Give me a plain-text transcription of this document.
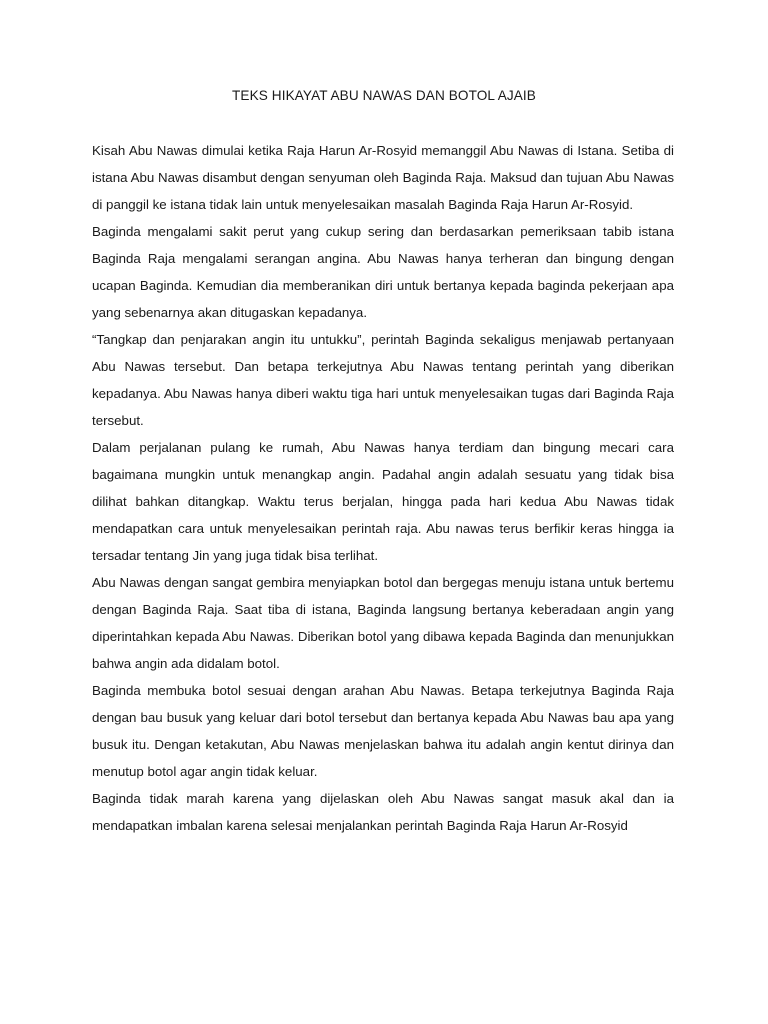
TEKS HIKAYAT ABU NAWAS DAN BOTOL AJAIB

Kisah Abu Nawas dimulai ketika Raja Harun Ar-Rosyid memanggil Abu Nawas di Istana. Setiba di istana Abu Nawas disambut dengan senyuman oleh Baginda Raja. Maksud dan tujuan Abu Nawas di panggil ke istana tidak lain untuk menyelesaikan masalah Baginda Raja Harun Ar-Rosyid.

Baginda mengalami sakit perut yang cukup sering dan berdasarkan pemeriksaan tabib istana Baginda Raja mengalami serangan angina. Abu Nawas hanya terheran dan bingung dengan ucapan Baginda. Kemudian dia memberanikan diri untuk bertanya kepada baginda pekerjaan apa yang sebenarnya akan ditugaskan kepadanya.

“Tangkap dan penjarakan angin itu untukku”, perintah Baginda sekaligus menjawab pertanyaan Abu Nawas tersebut. Dan betapa terkejutnya Abu Nawas tentang perintah yang diberikan kepadanya. Abu Nawas hanya diberi waktu tiga hari untuk menyelesaikan tugas dari Baginda Raja tersebut.

Dalam perjalanan pulang ke rumah, Abu Nawas hanya terdiam dan bingung mecari cara bagaimana mungkin untuk menangkap angin. Padahal angin adalah sesuatu yang tidak bisa dilihat bahkan ditangkap. Waktu terus berjalan, hingga pada hari kedua Abu Nawas tidak mendapatkan cara untuk menyelesaikan perintah raja. Abu nawas terus berfikir keras hingga ia tersadar tentang Jin yang juga tidak bisa terlihat.

Abu Nawas dengan sangat gembira menyiapkan botol dan bergegas menuju istana untuk bertemu dengan Baginda Raja. Saat tiba di istana, Baginda langsung bertanya keberadaan angin yang diperintahkan kepada Abu Nawas. Diberikan botol yang dibawa kepada Baginda dan menunjukkan bahwa angin ada didalam botol.

Baginda membuka botol sesuai dengan arahan Abu Nawas. Betapa terkejutnya Baginda Raja dengan bau busuk yang keluar dari botol tersebut dan bertanya kepada Abu Nawas bau apa yang busuk itu. Dengan ketakutan, Abu Nawas menjelaskan bahwa itu adalah angin kentut dirinya dan menutup botol agar angin tidak keluar.

Baginda tidak marah karena yang dijelaskan oleh Abu Nawas sangat masuk akal dan ia mendapatkan imbalan karena selesai menjalankan perintah Baginda Raja Harun Ar-Rosyid
